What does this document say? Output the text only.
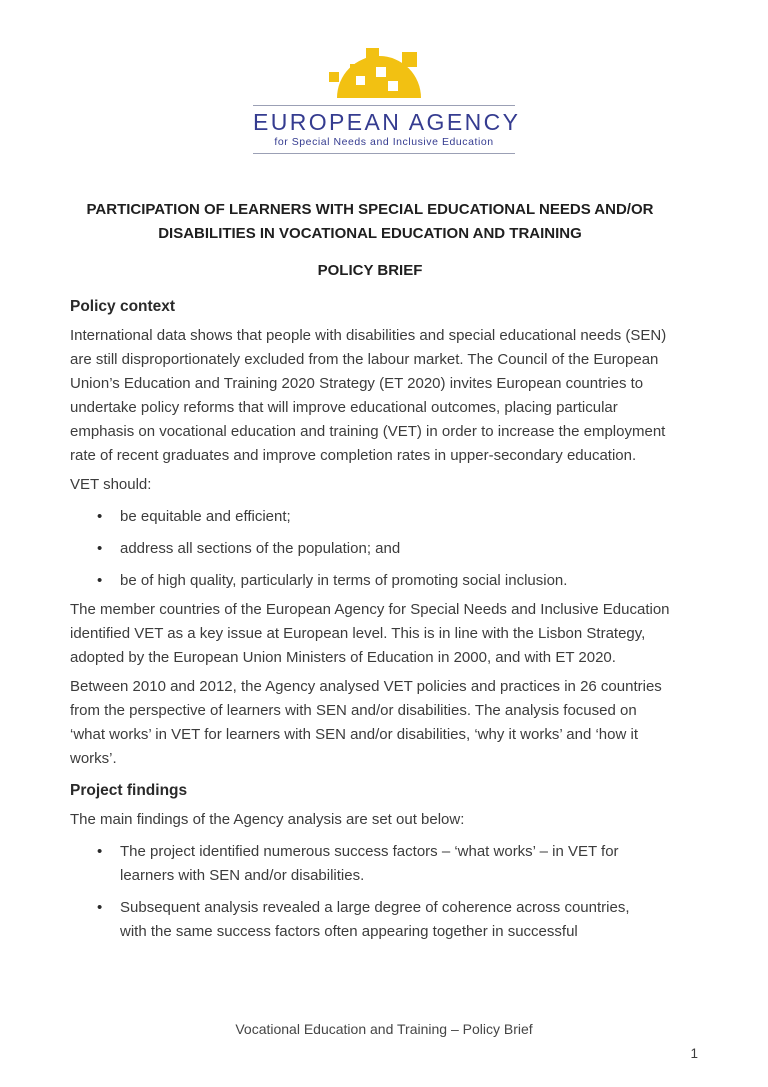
EUROPEAN AGENCY
for Special Needs and Inclusive Education
PARTICIPATION OF LEARNERS WITH SPECIAL EDUCATIONAL NEEDS AND/OR
DISABILITIES IN VOCATIONAL EDUCATION AND TRAINING
POLICY BRIEF
Policy context

International data shows that people with disabilities and special educational needs (SEN) are still disproportionately excluded from the labour market. The Council of the European Union’s Education and Training 2020 Strategy (ET 2020) invites European countries to undertake policy reforms that will improve educational outcomes, placing particular emphasis on vocational education and training (VET) in order to increase the employment rate of recent graduates and improve completion rates in upper-secondary education.

VET should:

•
be equitable and efficient;
•
address all sections of the population; and
•
be of high quality, particularly in terms of promoting social inclusion.

The member countries of the European Agency for Special Needs and Inclusive Education identified VET as a key issue at European level. This is in line with the Lisbon Strategy, adopted by the European Union Ministers of Education in 2000, and with ET 2020.

Between 2010 and 2012, the Agency analysed VET policies and practices in 26 countries from the perspective of learners with SEN and/or disabilities. The analysis focused on ‘what works’ in VET for learners with SEN and/or disabilities, ‘why it works’ and ‘how it works’.

Project findings

The main findings of the Agency analysis are set out below:

•
The project identified numerous success factors – ‘what works’ – in VET for learners with SEN and/or disabilities.
•
Subsequent analysis revealed a large degree of coherence across countries, with the same success factors often appearing together in successful
Vocational Education and Training – Policy Brief
1
